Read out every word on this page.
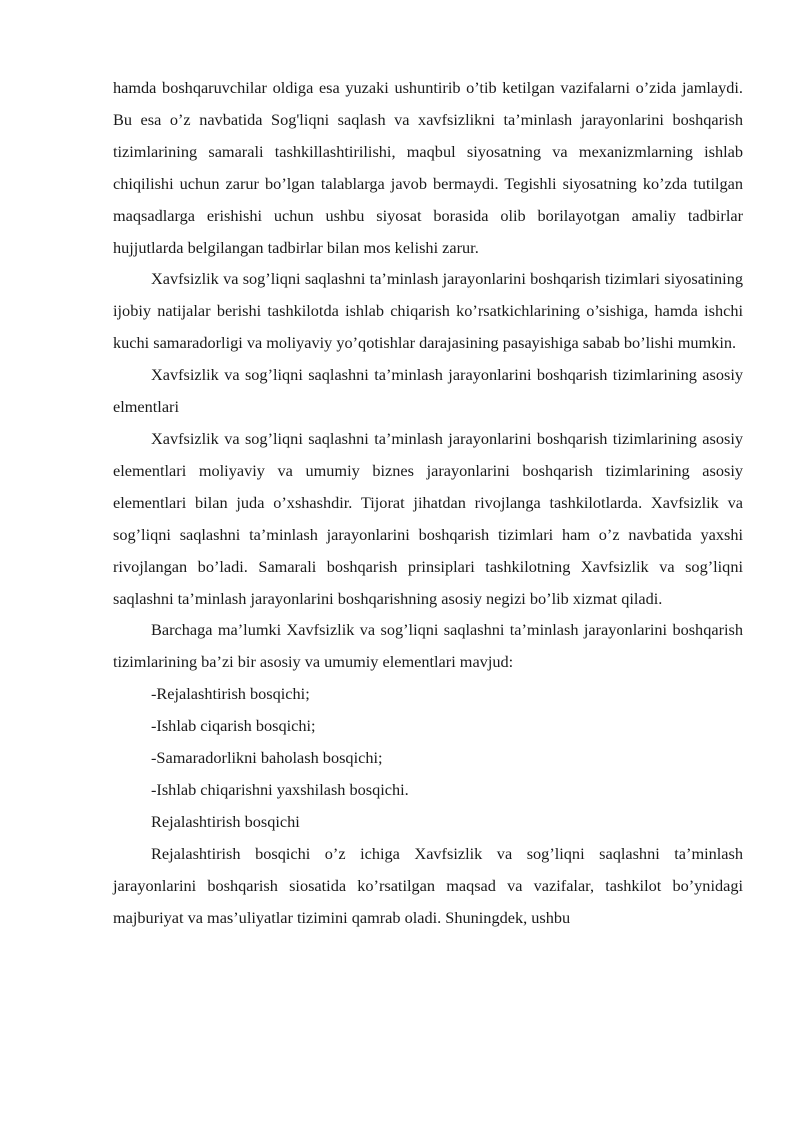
hamda boshqaruvchilar oldiga esa yuzaki ushuntirib o’tib ketilgan vazifalarni o’zida jamlaydi. Bu esa o’z navbatida Sog'liqni saqlash va xavfsizlikni ta’minlash jarayonlarini boshqarish tizimlarining samarali tashkillashtirilishi, maqbul siyosatning va mexanizmlarning ishlab chiqilishi uchun zarur bo’lgan talablarga javob bermaydi. Tegishli siyosatning ko’zda tutilgan maqsadlarga erishishi uchun ushbu siyosat borasida olib borilayotgan amaliy tadbirlar hujjutlarda belgilangan tadbirlar bilan mos kelishi zarur.

Xavfsizlik va sog’liqni saqlashni ta’minlash jarayonlarini boshqarish tizimlari siyosatining ijobiy natijalar berishi tashkilotda ishlab chiqarish ko’rsatkichlarining o’sishiga, hamda ishchi kuchi samaradorligi va moliyaviy yo’qotishlar darajasining pasayishiga sabab bo’lishi mumkin.

Xavfsizlik va sog’liqni saqlashni ta’minlash jarayonlarini boshqarish tizimlarining asosiy elmentlari

Xavfsizlik va sog’liqni saqlashni ta’minlash jarayonlarini boshqarish tizimlarining asosiy elementlari moliyaviy va umumiy biznes jarayonlarini boshqarish tizimlarining asosiy elementlari bilan juda o’xshashdir. Tijorat jihatdan rivojlanga tashkilotlarda. Xavfsizlik va sog’liqni saqlashni ta’minlash jarayonlarini boshqarish tizimlari ham o’z navbatida yaxshi rivojlangan bo’ladi. Samarali boshqarish prinsiplari tashkilotning Xavfsizlik va sog’liqni saqlashni ta’minlash jarayonlarini boshqarishning asosiy negizi bo’lib xizmat qiladi.

Barchaga ma’lumki Xavfsizlik va sog’liqni saqlashni ta’minlash jarayonlarini boshqarish tizimlarining ba’zi bir asosiy va umumiy elementlari mavjud:

-Rejalashtirish bosqichi;

-Ishlab ciqarish bosqichi;

-Samaradorlikni baholash bosqichi;

-Ishlab chiqarishni yaxshilash bosqichi.

Rejalashtirish bosqichi

Rejalashtirish bosqichi o’z ichiga Xavfsizlik va sog’liqni saqlashni ta’minlash jarayonlarini boshqarish siosatida ko’rsatilgan maqsad va vazifalar, tashkilot bo’ynidagi majburiyat va mas’uliyatlar tizimini qamrab oladi. Shuningdek, ushbu
